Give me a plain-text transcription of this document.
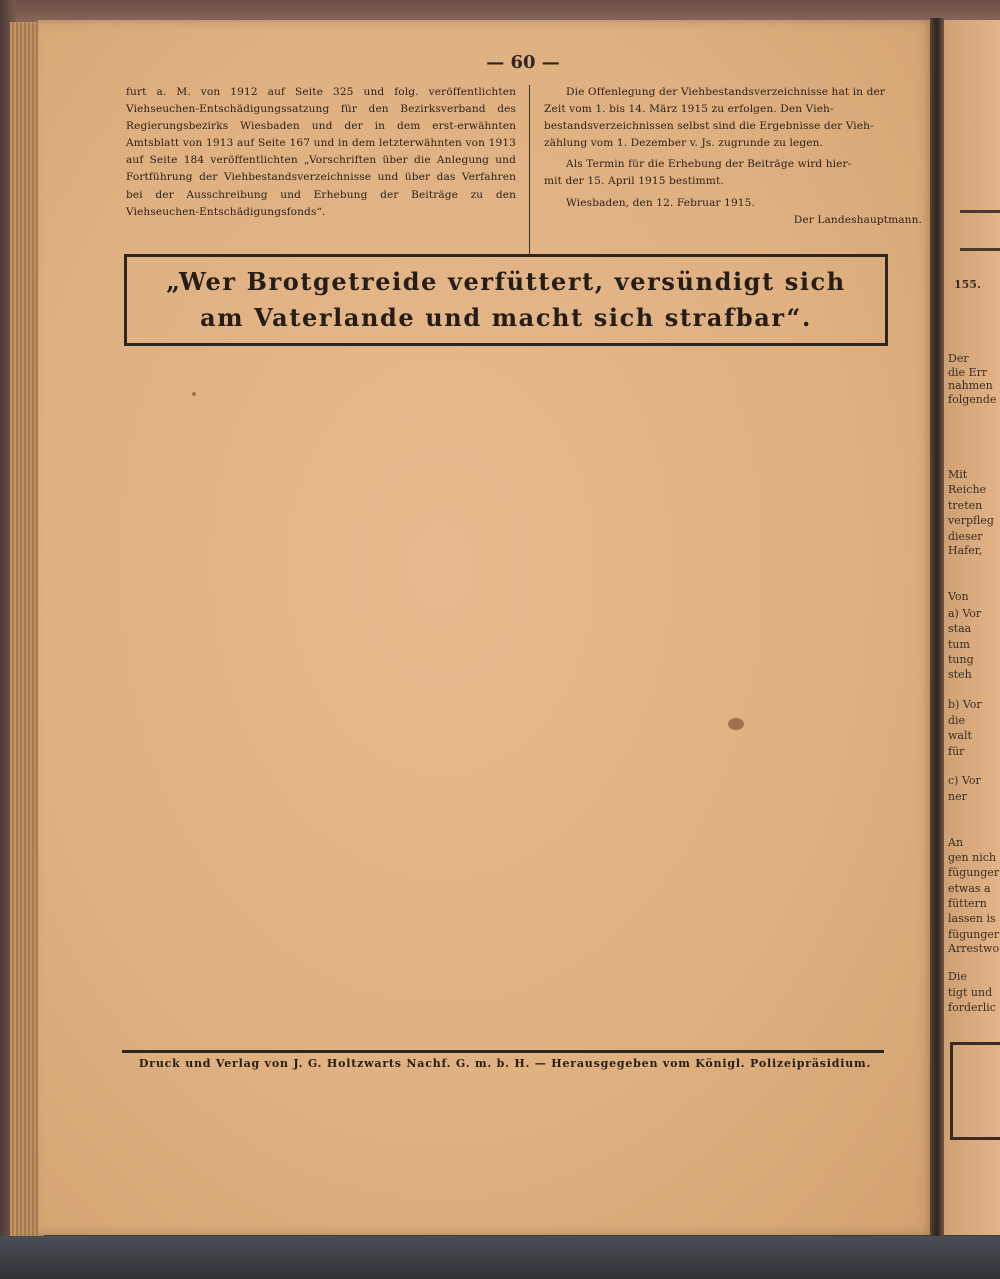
— 60 —

furt a. M. von 1912 auf Seite 325 und folg. veröffentlichten Viehseuchen-Entschädigungssatzung für den Bezirksverband des Regierungsbezirks Wiesbaden und der in dem erst-erwähnten Amtsblatt von 1913 auf Seite 167 und in dem letzterwähnten von 1913 auf Seite 184 veröffentlichten „Vorschriften über die Anlegung und Fortführung der Viehbestandsverzeichnisse und über das Verfahren bei der Ausschreibung und Erhebung der Beiträge zu den Viehseuchen-Entschädigungsfonds“.

Die Offenlegung der Viehbestandsverzeichnisse hat in der
Zeit vom 1. bis 14. März 1915 zu erfolgen. Den Vieh-
bestandsverzeichnissen selbst sind die Ergebnisse der Vieh-
zählung vom 1. Dezember v. Js. zugrunde zu legen.
Als Termin für die Erhebung der Beiträge wird hier-
mit der 15. April 1915 bestimmt.
Wiesbaden, den 12. Februar 1915.
Der Landeshauptmann.
„Wer Brotgetreide verfüttert, versündigt sich
am Vaterlande und macht sich strafbar“.
Druck und Verlag von J. G. Holtzwarts Nachf. G. m. b. H. — Herausgegeben vom Königl. Polizeipräsidium.
155.
Der
die Err
nahmen
folgende
Mit
Reiche
treten
verpfleg
dieser
Hafer,
Von
a) Vor
staa
tum
tung
steh
b) Vor
die
walt
für
c) Vor
ner
An
gen nich
fügunger
etwas a
füttern
lassen is
fügunger
Arrestwo
Die
tigt und
forderlic
